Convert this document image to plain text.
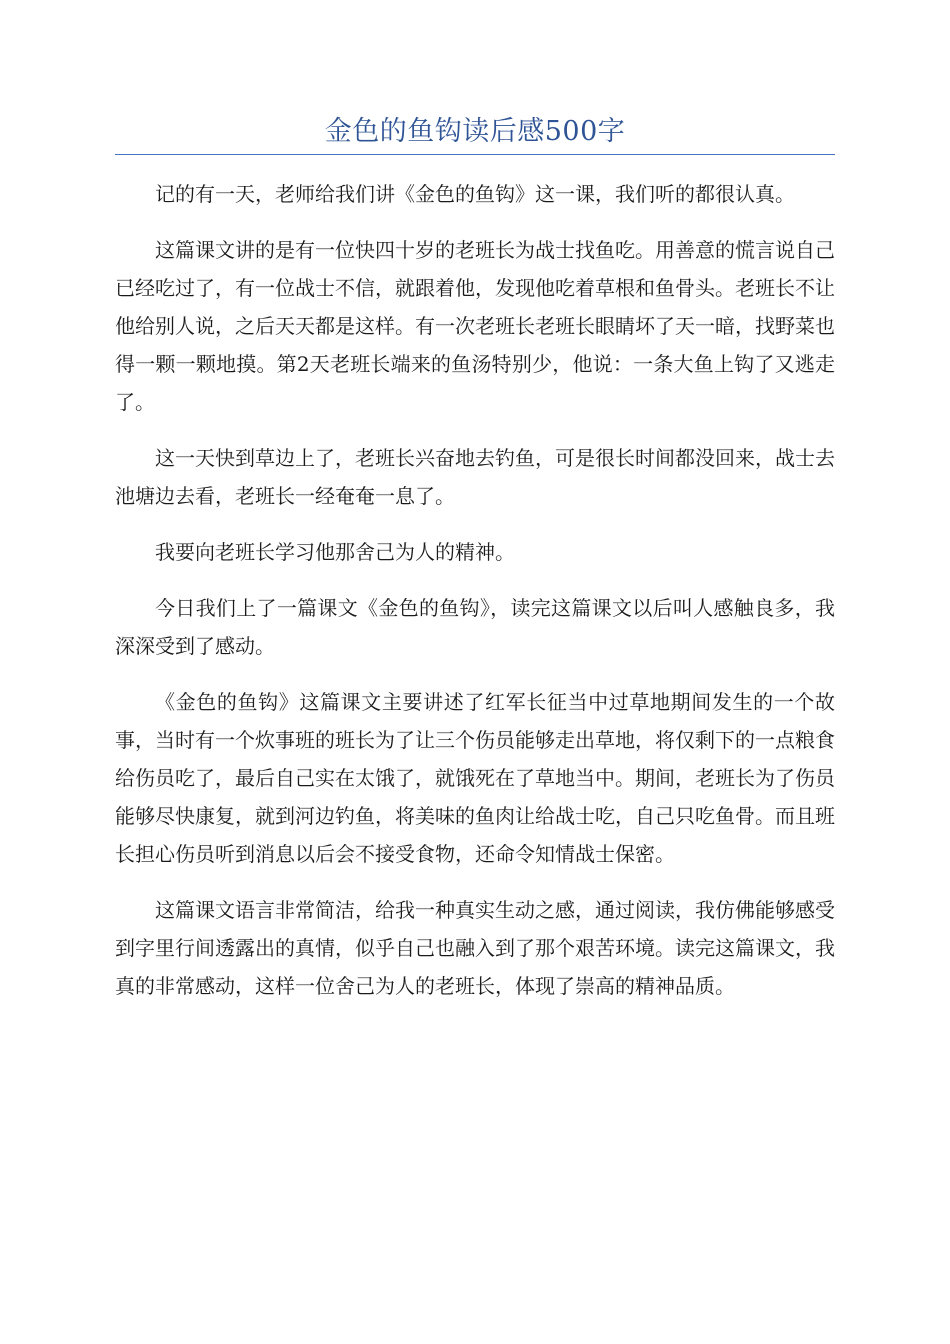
金色的鱼钩读后感500字

记的有一天，老师给我们讲《金色的鱼钩》这一课，我们听的都很认真。

这篇课文讲的是有一位快四十岁的老班长为战士找鱼吃。用善意的慌言说自己已经吃过了，有一位战士不信，就跟着他，发现他吃着草根和鱼骨头。老班长不让他给别人说，之后天天都是这样。有一次老班长老班长眼睛坏了天一暗，找野菜也得一颗一颗地摸。第2天老班长端来的鱼汤特别少，他说：一条大鱼上钩了又逃走了。

这一天快到草边上了，老班长兴奋地去钓鱼，可是很长时间都没回来，战士去池塘边去看，老班长一经奄奄一息了。

我要向老班长学习他那舍己为人的精神。

今日我们上了一篇课文《金色的鱼钩》，读完这篇课文以后叫人感触良多，我深深受到了感动。

《金色的鱼钩》这篇课文主要讲述了红军长征当中过草地期间发生的一个故事，当时有一个炊事班的班长为了让三个伤员能够走出草地，将仅剩下的一点粮食给伤员吃了，最后自己实在太饿了，就饿死在了草地当中。期间，老班长为了伤员能够尽快康复，就到河边钓鱼，将美味的鱼肉让给战士吃，自己只吃鱼骨。而且班长担心伤员听到消息以后会不接受食物，还命令知情战士保密。

这篇课文语言非常简洁，给我一种真实生动之感，通过阅读，我仿佛能够感受到字里行间透露出的真情，似乎自己也融入到了那个艰苦环境。读完这篇课文，我真的非常感动，这样一位舍己为人的老班长，体现了崇高的精神品质。
